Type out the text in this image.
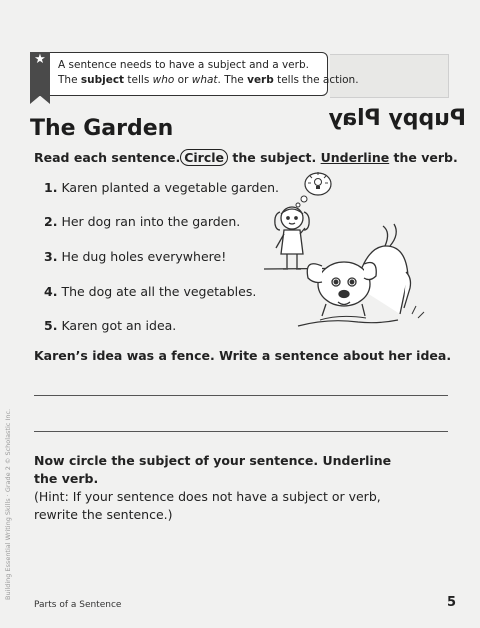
Puppy Play
★ A sentence needs to have a subject and a verb.
The subject tells who or what. The verb tells the action.
The Garden
Read each sentence. Circle the subject. Underline the verb.
1. Karen planted a vegetable garden.
2. Her dog ran into the garden.
3. He dug holes everywhere!
4. The dog ate all the vegetables.
5. Karen got an idea.
Karen’s idea was a fence. Write a sentence about her idea.
Now circle the subject of your sentence. Underline the verb.
(Hint: If your sentence does not have a subject or verb, rewrite the sentence.)
Building Essential Writing Skills · Grade 2 © Scholastic Inc.
Parts of a Sentence	5
